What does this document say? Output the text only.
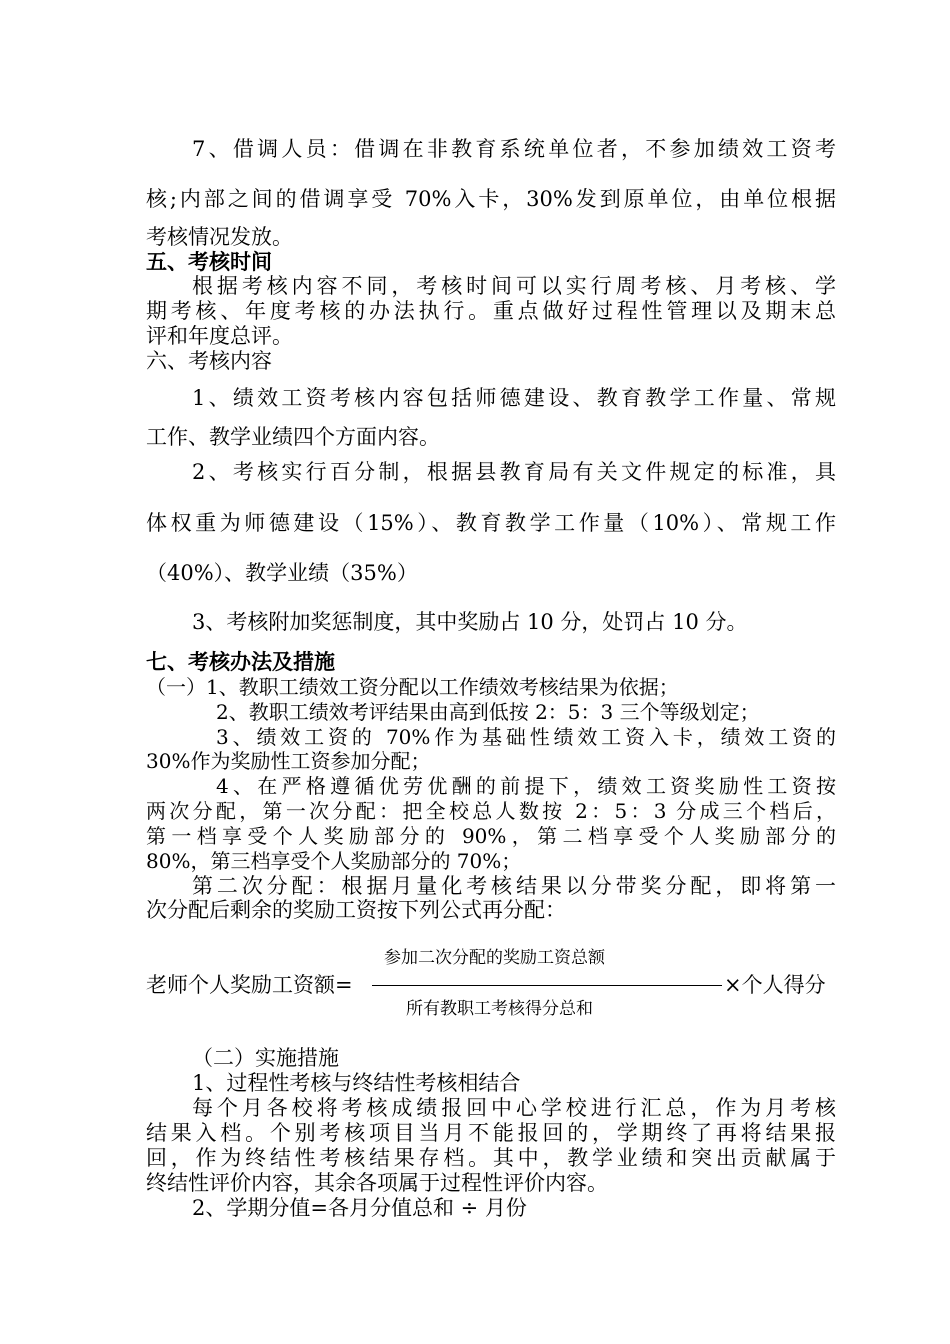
7、借调人员：借调在非教育系统单位者，不参加绩效工资考
核;内部之间的借调享受 70%入卡，30%发到原单位，由单位根据
考核情况发放。
五、考核时间
根据考核内容不同，考核时间可以实行周考核、月考核、学
期考核、年度考核的办法执行。重点做好过程性管理以及期末总
评和年度总评。
六、考核内容
1、绩效工资考核内容包括师德建设、教育教学工作量、常规
工作、教学业绩四个方面内容。
2、考核实行百分制，根据县教育局有关文件规定的标准，具
体权重为师德建设（15%）、教育教学工作量（10%）、常规工作
（40%）、教学业绩（35%）
3、考核附加奖惩制度，其中奖励占 10 分，处罚占 10 分。
七、考核办法及措施
（一）1、教职工绩效工资分配以工作绩效考核结果为依据；
2、教职工绩效考评结果由高到低按 2：5：3 三个等级划定；
3、绩效工资的 70%作为基础性绩效工资入卡，绩效工资的
30%作为奖励性工资参加分配；
4、在严格遵循优劳优酬的前提下，绩效工资奖励性工资按
两次分配，第一次分配：把全校总人数按 2：5：3 分成三个档后，
第一档享受个人奖励部分的 90%，第二档享受个人奖励部分的
80%，第三档享受个人奖励部分的 70%；
第二次分配：根据月量化考核结果以分带奖分配，即将第一
次分配后剩余的奖励工资按下列公式再分配：
老师个人奖励工资额=
参加二次分配的奖励工资总额
所有教职工考核得分总和
×个人得分
（二）实施措施
1、过程性考核与终结性考核相结合
每个月各校将考核成绩报回中心学校进行汇总，作为月考核
结果入档。个别考核项目当月不能报回的，学期终了再将结果报
回，作为终结性考核结果存档。其中，教学业绩和突出贡献属于
终结性评价内容，其余各项属于过程性评价内容。
2、学期分值=各月分值总和 ÷ 月份
